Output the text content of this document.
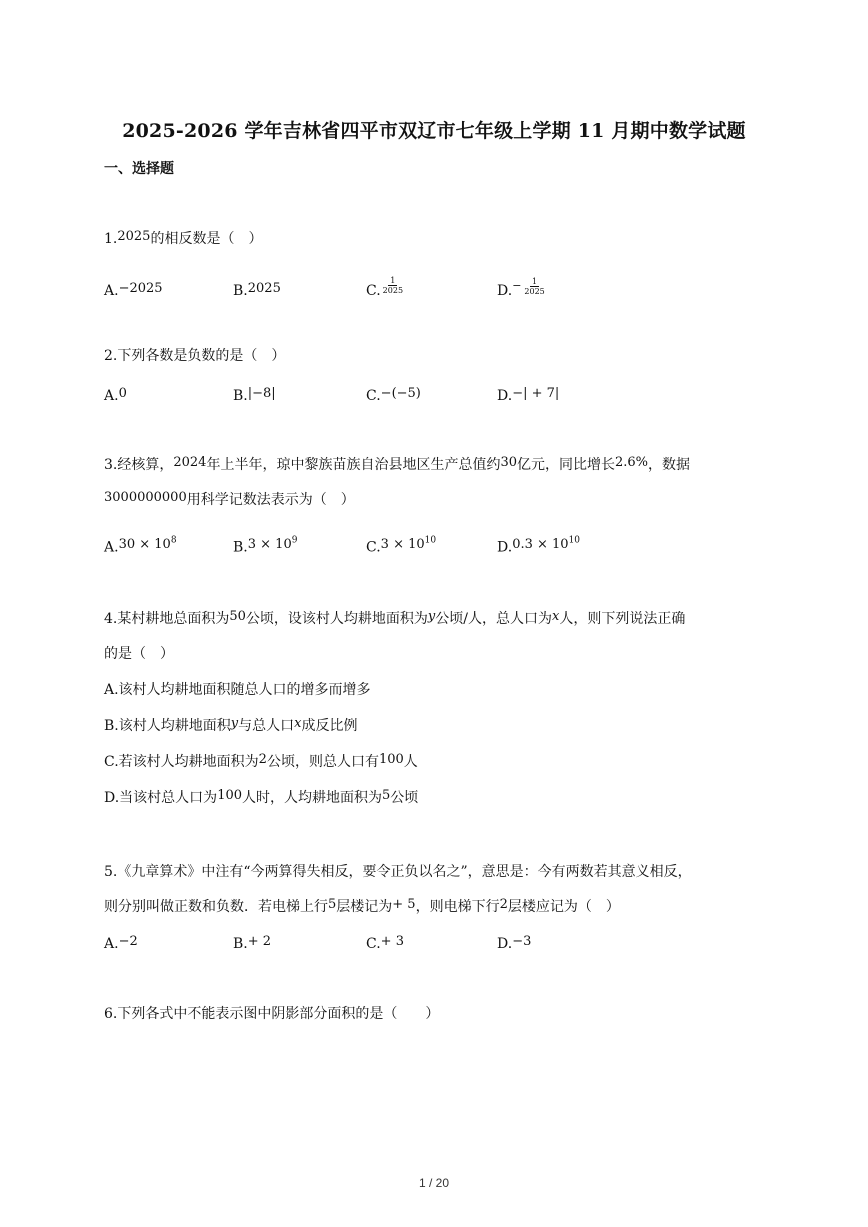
2025-2026 学年吉林省四平市双辽市七年级上学期 11 月期中数学试题
一、选择题
1.2025的相反数是（　）
A.−2025	B.2025	C. $\frac{1}{2025}$	D. − $\frac{1}{2025}$
2.下列各数是负数的是（　）
A.0	B.|−8|	C.−(−5)	D.−| + 7|
3.经核算，2024年上半年，琼中黎族苗族自治县地区生产总值约30亿元，同比增长2.6%，数据
3000000000用科学记数法表示为（　）
$A.30 \times 10^8$	$B.3 \times 10^9$	$C.3 \times 10^{10}$	$D.0.3 \times 10^{10}$
4.某村耕地总面积为50公顷，设该村人均耕地面积为y公顷/人，总人口为x人，则下列说法正确
的是（　）
A.该村人均耕地面积随总人口的增多而增多
B.该村人均耕地面积y与总人口x成反比例
C.若该村人均耕地面积为2公顷，则总人口有100人
D.当该村总人口为100人时，人均耕地面积为5公顷
5.《九章算术》中注有“今两算得失相反，要令正负以名之”，意思是：今有两数若其意义相反，
则分别叫做正数和负数．若电梯上行5层楼记为+ 5，则电梯下行2层楼应记为（　）
A.−2	B.+ 2	C.+ 3	D.−3
6.下列各式中不能表示图中阴影部分面积的是（　　）
1 / 20
